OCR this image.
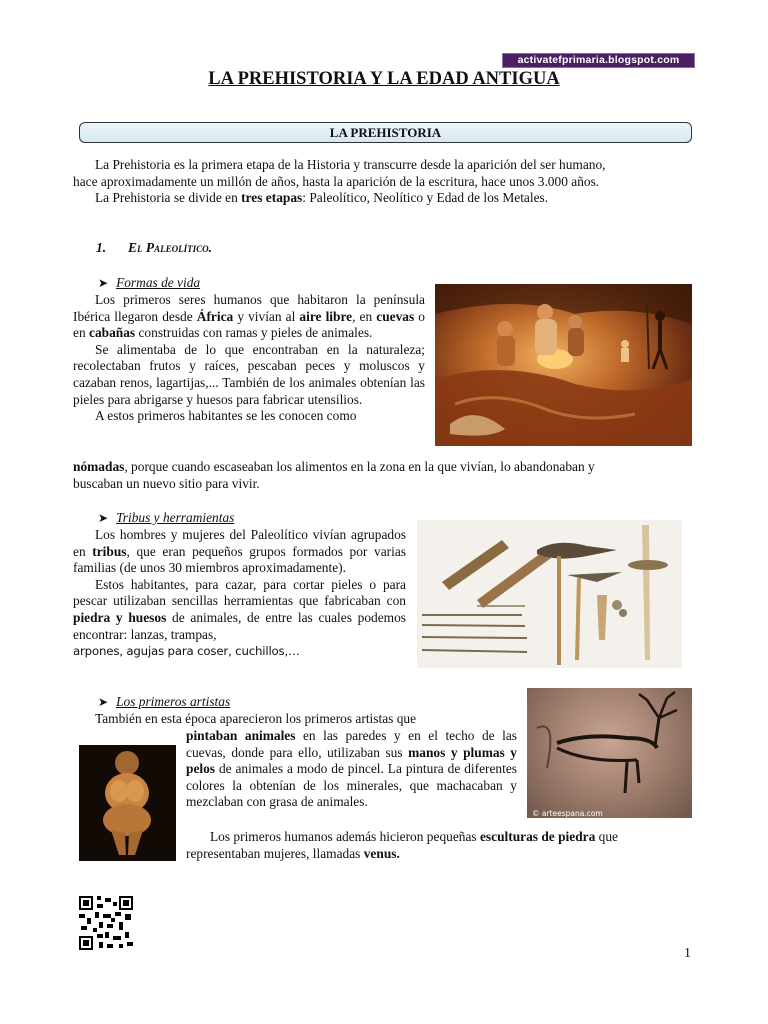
activatefprimaria.blogspot.com
LA PREHISTORIA Y LA EDAD ANTIGUA
LA PREHISTORIA
La Prehistoria es la primera etapa de la Historia y transcurre desde la aparición del ser humano,
hace aproximadamente un millón de años, hasta la aparición de la escritura, hace unos 3.000 años.
La Prehistoria se divide en tres etapas: Paleolítico, Neolítico y Edad de los Metales.
1. El Paleolítico.
➤ Formas de vida

Los primeros seres humanos que habitaron la península Ibérica llegaron desde África y vivían al aire libre, en cuevas o en cabañas construidas con ramas y pieles de animales.

Se alimentaba de lo que encontraban en la naturaleza; recolectaban frutos y raíces, pescaban peces y moluscos y cazaban renos, lagartijas,... También de los animales obtenían las pieles para abrigarse y huesos para fabricar utensilios.

A estos primeros habitantes se les conocen como

nómadas, porque cuando escaseaban los alimentos en la zona en la que vivían, lo abandonaban y
buscaban un nuevo sitio para vivir.
➤ Tribus y herramientas

Los hombres y mujeres del Paleolítico vivían agrupados en tribus, que eran pequeños grupos formados por varias familias (de unos 30 miembros aproximadamente).

Estos habitantes, para cazar, para cortar pieles o para pescar utilizaban sencillas herramientas que fabricaban con piedra y huesos de animales, de entre las cuales podemos encontrar: lanzas, trampas,

arpones, agujas para coser, cuchillos,…
➤ Los primeros artistas
También en esta época aparecieron los primeros artistas que
pintaban animales en las paredes y en el techo de las cuevas, donde para ello, utilizaban sus manos y plumas y pelos de animales a modo de pincel. La pintura de diferentes colores la obtenían de los minerales, que machacaban y mezclaban con grasa de animales.

Los primeros humanos además hicieron pequeñas esculturas de piedra que

representaban mujeres, llamadas venus.
© arteespana.com
1
